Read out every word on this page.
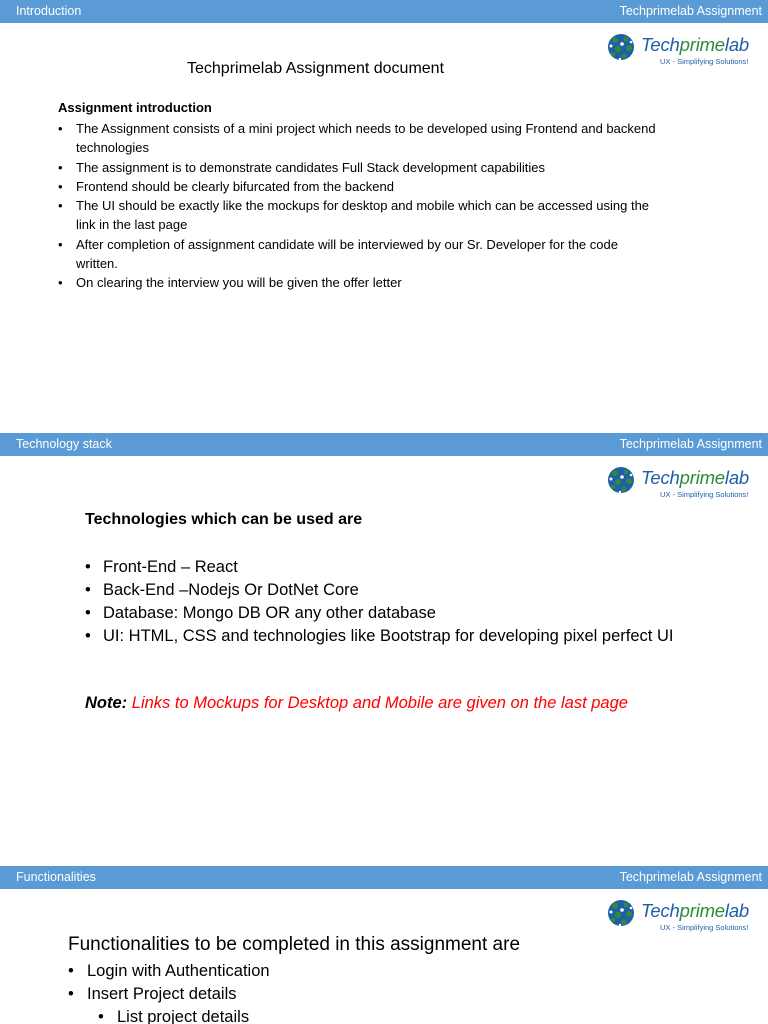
Introduction	Techprimelab Assignment
Techprimelab
UX - Simplifying Solutions!
Techprimelab Assignment document
Assignment introduction
• The Assignment consists of a mini project which needs to be developed using Frontend and backend technologies
• The assignment is to demonstrate candidates Full Stack development capabilities
• Frontend should be clearly bifurcated from the backend
• The UI should be exactly like the mockups for desktop and mobile which can be accessed using the link in the last page
• After completion of assignment candidate will be interviewed by our Sr. Developer for the code written.
• On clearing the interview you will be given the offer letter
Technology stack	Techprimelab Assignment
Techprimelab
UX - Simplifying Solutions!
Technologies which can be used are
• Front-End – React
• Back-End –Nodejs Or DotNet Core
• Database: Mongo DB OR any other database
• UI: HTML, CSS and technologies like Bootstrap for developing pixel perfect UI
Note: Links to Mockups for Desktop and Mobile are given on the last page
Functionalities	Techprimelab Assignment
Techprimelab
UX - Simplifying Solutions!
Functionalities to be completed in this assignment are
• Login with Authentication
• Insert Project details
• List project details
